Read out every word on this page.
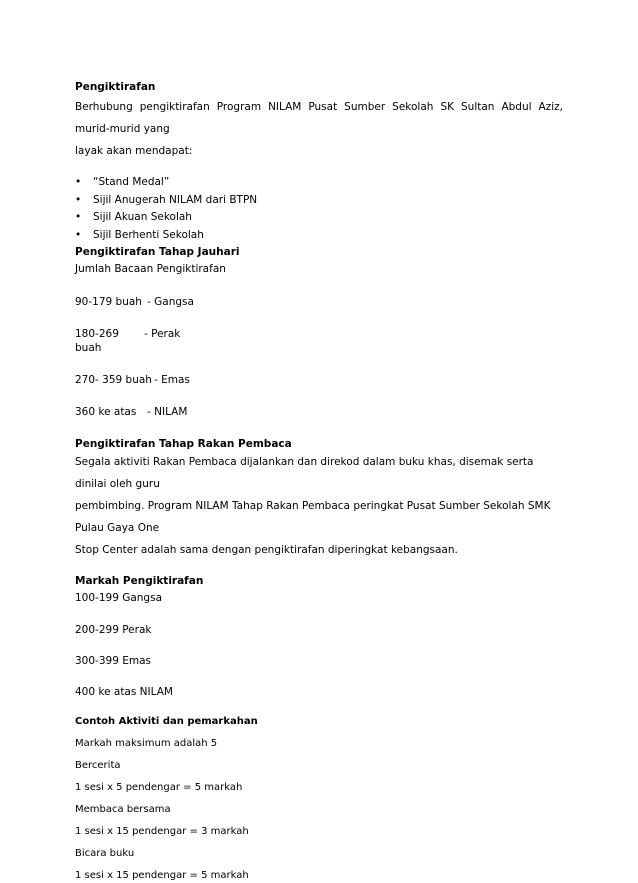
Pengiktirafan

Berhubung pengiktirafan Program NILAM Pusat Sumber Sekolah SK Sultan Abdul Aziz, murid-murid yang

layak akan mendapat:

• “Stand Medal”
• Sijil Anugerah NILAM dari BTPN
• Sijil Akuan Sekolah
• Sijil Berhenti Sekolah

Pengiktirafan Tahap Jauhari

Jumlah Bacaan Pengiktirafan

90-179 buah - Gangsa
180-269 buah
- Perak
270- 359 buah - Emas
360 ke atas	- NILAM

Pengiktirafan Tahap Rakan Pembaca

Segala aktiviti Rakan Pembaca dijalankan dan direkod dalam buku khas, disemak serta dinilai oleh guru

pembimbing. Program NILAM Tahap Rakan Pembaca peringkat Pusat Sumber Sekolah SMK Pulau Gaya One

Stop Center adalah sama dengan pengiktirafan diperingkat kebangsaan.

Markah Pengiktirafan

100-199 Gangsa

200-299 Perak

300-399 Emas

400 ke atas NILAM

Contoh Aktiviti dan pemarkahan

Markah maksimum adalah 5

Bercerita

1 sesi x 5 pendengar = 5 markah

Membaca bersama

1 sesi x 15 pendengar = 3 markah

Bicara buku

1 sesi x 15 pendengar = 5 markah
